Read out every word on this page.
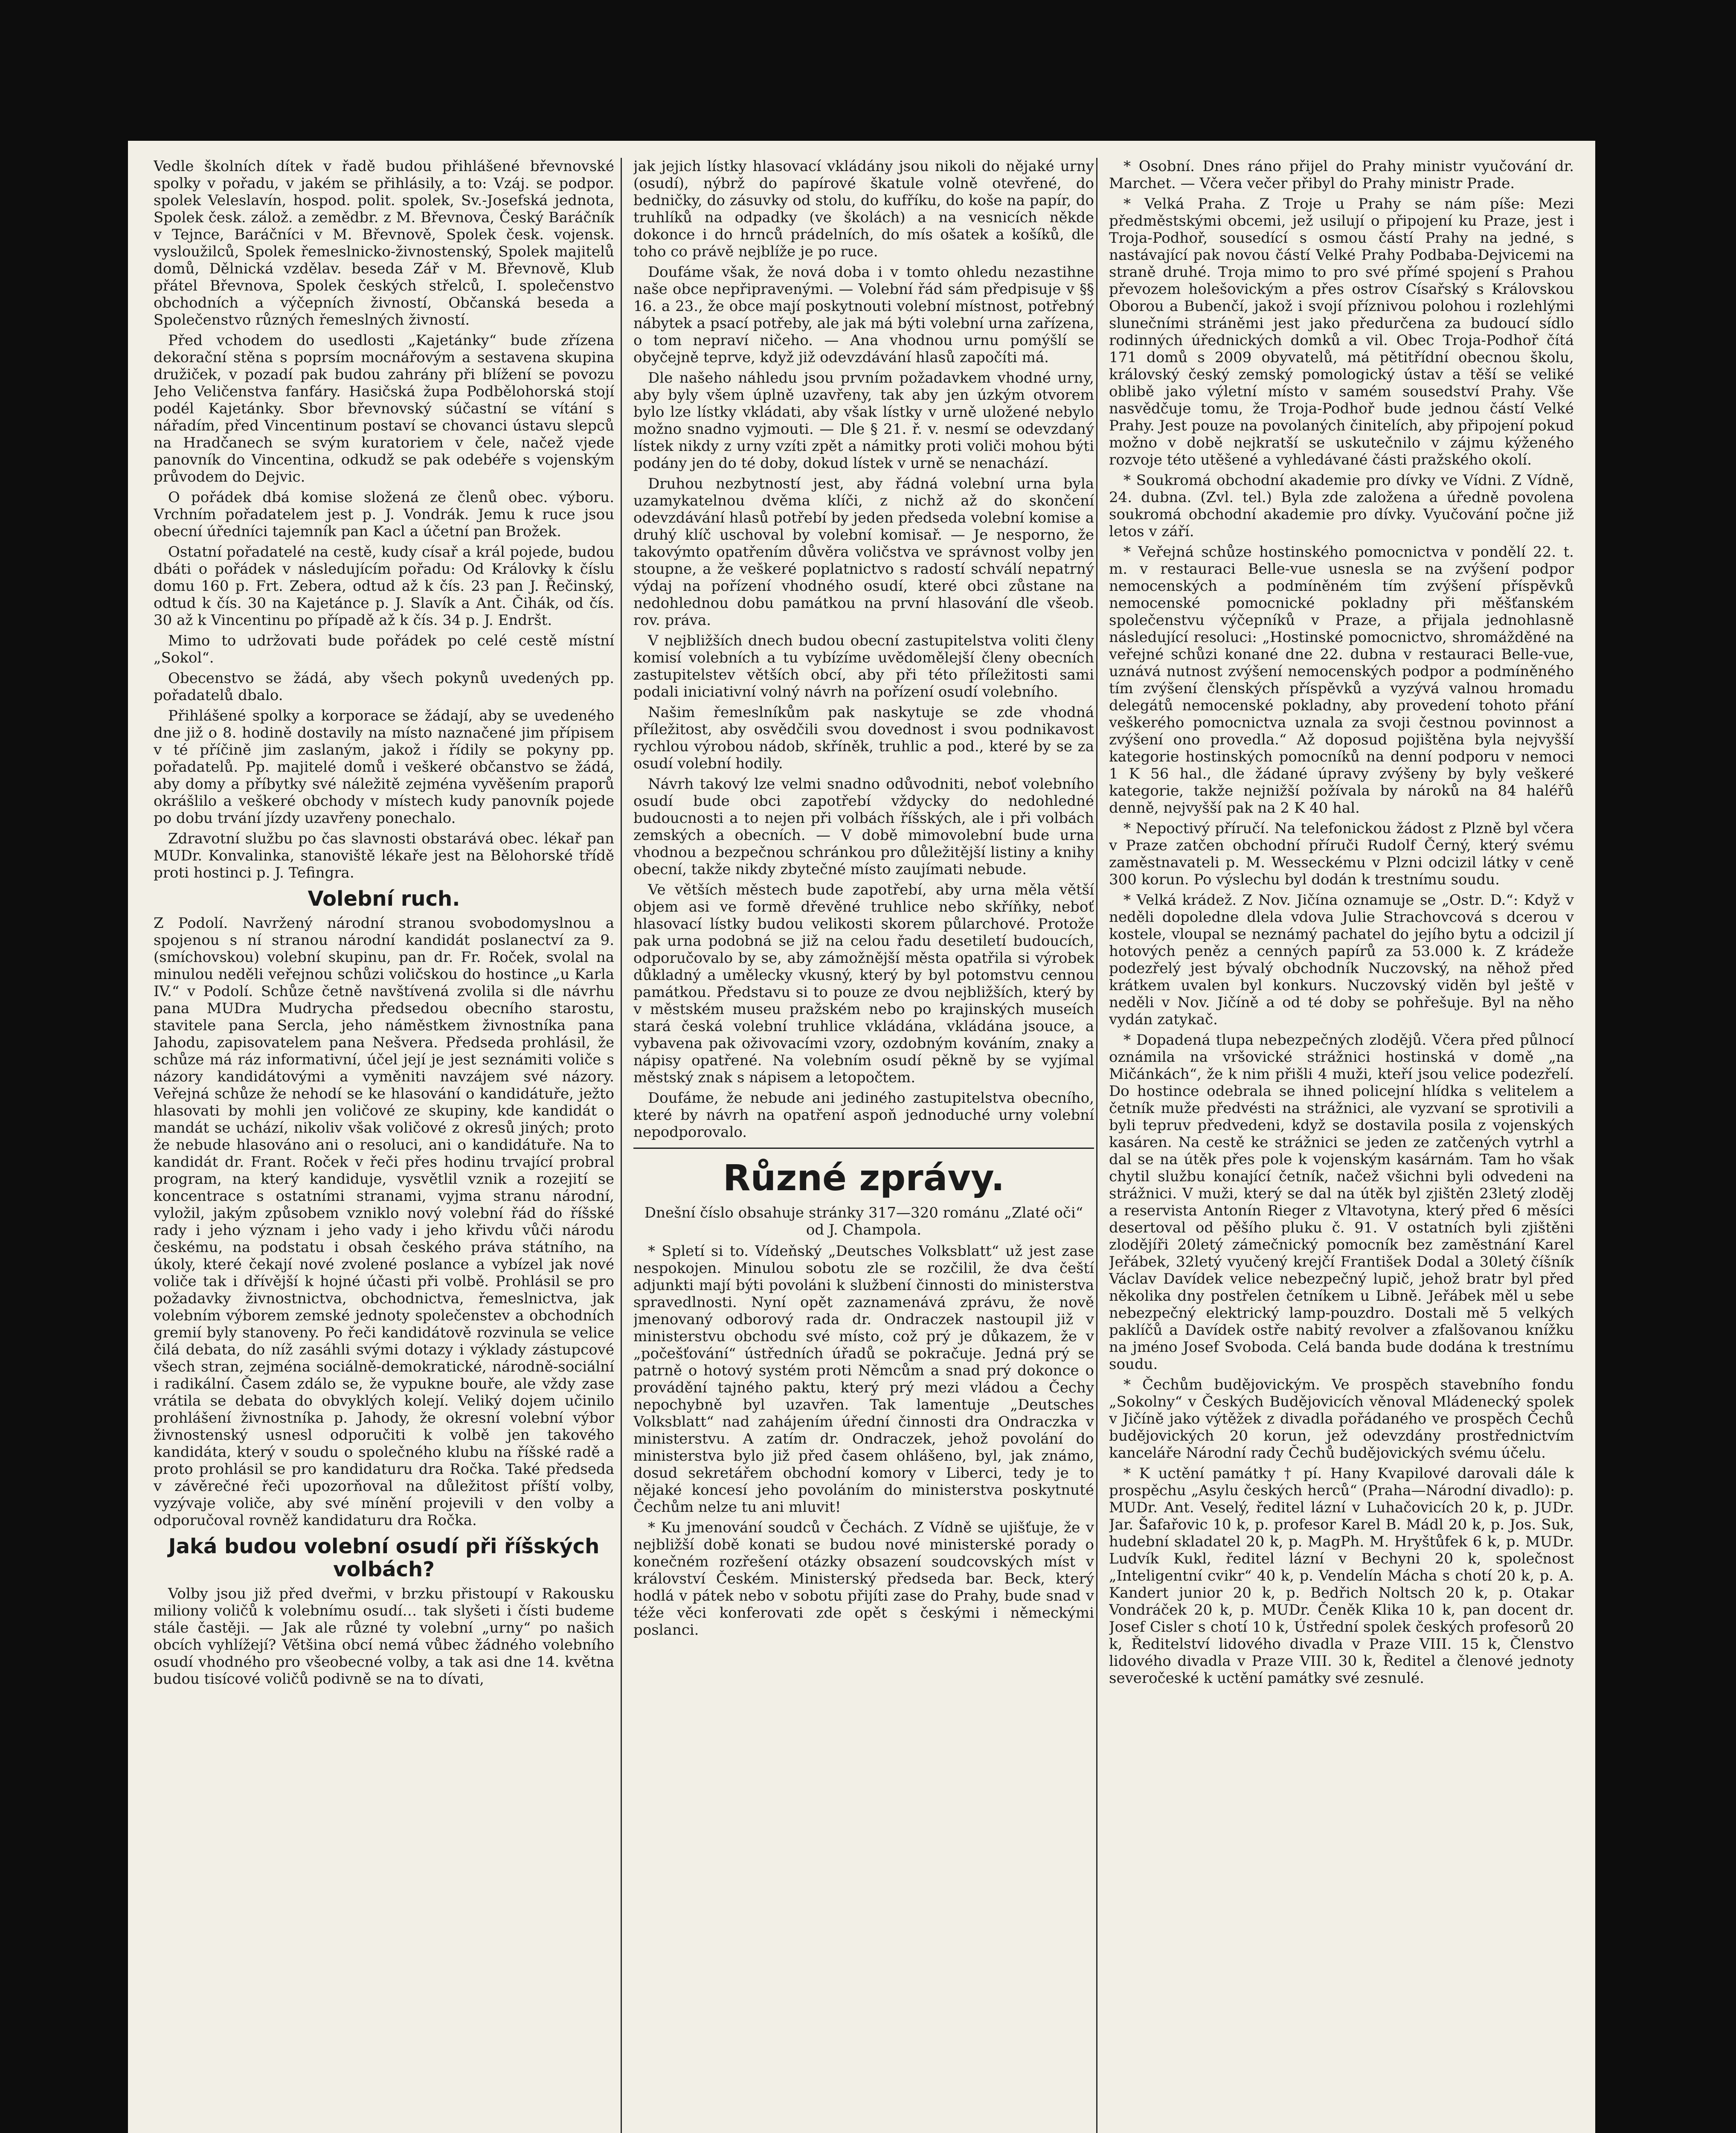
Vedle školních dítek v řadě budou přihlášené břevnovské spolky v pořadu, v jakém se přihlásily, a to: Vzáj. se podpor. spolek Veleslavín, hospod. polit. spolek, Sv.-Josefská jednota, Spolek česk. zálož. a zemědbr. z M. Břevnova, Český Baráčník v Tejnce, Baráčníci v M. Břevnově, Spolek česk. vojensk. vysloužilců, Spolek řemeslnicko-živnostenský, Spolek majitelů domů, Dělnická vzdělav. beseda Zář v M. Břevnově, Klub přátel Břevnova, Spolek českých střelců, I. společenstvo obchodních a výčepních živností, Občanská beseda a Společenstvo různých řemeslných živností.

Před vchodem do usedlosti „Kajetánky“ bude zřízena dekorační stěna s poprsím mocnářovým a sestavena skupina družiček, v pozadí pak budou zahrány při blížení se povozu Jeho Veličenstva fanfáry. Hasičská župa Podbělohorská stojí podél Kajetánky. Sbor břevnovský súčastní se vítání s nářadím, před Vincentinum postaví se chovanci ústavu slepců na Hradčanech se svým kuratoriem v čele, načež vjede panovník do Vincentina, odkudž se pak odebéře s vojenským průvodem do Dejvic.

O pořádek dbá komise složená ze členů obec. výboru. Vrchním pořadatelem jest p. J. Vondrák. Jemu k ruce jsou obecní úředníci tajemník pan Kacl a účetní pan Brožek.

Ostatní pořadatelé na cestě, kudy císař a král pojede, budou dbáti o pořádek v následujícím pořadu: Od Královky k číslu domu 160 p. Frt. Zebera, odtud až k čís. 23 pan J. Řečinský, odtud k čís. 30 na Kajetánce p. J. Slavík a Ant. Čihák, od čís. 30 až k Vincentinu po případě až k čís. 34 p. J. Endršt.

Mimo to udržovati bude pořádek po celé cestě místní „Sokol“.

Obecenstvo se žádá, aby všech pokynů uvedených pp. pořadatelů dbalo.

Přihlášené spolky a korporace se žádají, aby se uvedeného dne již o 8. hodině dostavily na místo naznačené jim přípisem v té příčině jim zaslaným, jakož i řídily se pokyny pp. pořadatelů. Pp. majitelé domů i veškeré občanstvo se žádá, aby domy a příbytky své náležitě zejména vyvěšením praporů okrášlilo a veškeré obchody v místech kudy panovník pojede po dobu trvání jízdy uzavřeny ponechalo.

Zdravotní službu po čas slavnosti obstarává obec. lékař pan MUDr. Konvalinka, stanoviště lékaře jest na Bělohorské třídě proti hostinci p. J. Tefingra.

Volební ruch.

Z Podolí. Navržený národní stranou svobodomyslnou a spojenou s ní stranou národní kandidát poslanectví za 9. (smíchovskou) volební skupinu, pan dr. Fr. Roček, svolal na minulou neděli veřejnou schůzi voličskou do hostince „u Karla IV.“ v Podolí. Schůze četně navštívená zvolila si dle návrhu pana MUDra Mudrycha předsedou obecního starostu, stavitele pana Sercla, jeho náměstkem živnostníka pana Jahodu, zapisovatelem pana Nešvera. Předseda prohlásil, že schůze má ráz informativní, účel její je jest seznámiti voliče s názory kandidátovými a vyměniti navzájem své názory. Veřejná schůze že nehodí se ke hlasování o kandidátuře, ježto hlasovati by mohli jen voličové ze skupiny, kde kandidát o mandát se uchází, nikoliv však voličové z okresů jiných; proto že nebude hlasováno ani o resoluci, ani o kandidátuře. Na to kandidát dr. Frant. Roček v řeči přes hodinu trvající probral program, na který kandiduje, vysvětlil vznik a rozejití se koncentrace s ostatními stranami, vyjma stranu národní, vyložil, jakým způsobem vzniklo nový volební řád do říšské rady i jeho význam i jeho vady i jeho křivdu vůči národu českému, na podstatu i obsah českého práva státního, na úkoly, které čekají nové zvolené poslance a vybízel jak nové voliče tak i dřívější k hojné účasti při volbě. Prohlásil se pro požadavky živnostnictva, obchodnictva, řemeslnictva, jak volebním výborem zemské jednoty společenstev a obchodních gremií byly stanoveny. Po řeči kandidátově rozvinula se velice čilá debata, do níž zasáhli svými dotazy i výklady zástupcové všech stran, zejména sociálně-demokratické, národně-sociální i radikální. Časem zdálo se, že vypukne bouře, ale vždy zase vrátila se debata do obvyklých kolejí. Veliký dojem učinilo prohlášení živnostníka p. Jahody, že okresní volební výbor živnostenský usnesl odporučiti k volbě jen takového kandidáta, který v soudu o společného klubu na říšské radě a proto prohlásil se pro kandidaturu dra Ročka. Také předseda v závěrečné řeči upozorňoval na důležitost příští volby, vyzývaje voliče, aby své mínění projevili v den volby a odporučoval rovněž kandidaturu dra Ročka.

Jaká budou volební osudí při říšských volbách?

Volby jsou již před dveřmi, v brzku přistoupí v Rakousku miliony voličů k volebnímu osudí… tak slyšeti i čísti budeme stále častěji. — Jak ale různé ty volební „urny“ po našich obcích vyhlížejí? Většina obcí nemá vůbec žádného volebního osudí vhodného pro všeobecné volby, a tak asi dne 14. května budou tisícové voličů podivně se na to dívati,

jak jejich lístky hlasovací vkládány jsou nikoli do nějaké urny (osudí), nýbrž do papírové škatule volně otevřené, do bedničky, do zásuvky od stolu, do kufříku, do koše na papír, do truhlíků na odpadky (ve školách) a na vesnicích někde dokonce i do hrnců prádelních, do mís ošatek a košíků, dle toho co právě nejblíže je po ruce.

Doufáme však, že nová doba i v tomto ohledu nezastihne naše obce nepřipravenými. — Volební řád sám předpisuje v §§ 16. a 23., že obce mají poskytnouti volební místnost, potřebný nábytek a psací potřeby, ale jak má býti volební urna zařízena, o tom nepraví ničeho. — Ana vhodnou urnu pomýšlí se obyčejně teprve, když již odevzdávání hlasů započíti má.

Dle našeho náhledu jsou prvním požadavkem vhodné urny, aby byly všem úplně uzavřeny, tak aby jen úzkým otvorem bylo lze lístky vkládati, aby však lístky v urně uložené nebylo možno snadno vyjmouti. — Dle § 21. ř. v. nesmí se odevzdaný lístek nikdy z urny vzíti zpět a námitky proti voliči mohou býti podány jen do té doby, dokud lístek v urně se nenachází.

Druhou nezbytností jest, aby řádná volební urna byla uzamykatelnou dvěma klíči, z nichž až do skončení odevzdávání hlasů potřebí by jeden předseda volební komise a druhý klíč uschoval by volební komisař. — Je nesporno, že takovýmto opatřením důvěra voličstva ve správnost volby jen stoupne, a že veškeré poplatnictvo s radostí schválí nepatrný výdaj na pořízení vhodného osudí, které obci zůstane na nedohlednou dobu památkou na první hlasování dle všeob. rov. práva.

V nejbližších dnech budou obecní zastupitelstva voliti členy komisí volebních a tu vybízíme uvědomělejší členy obecních zastupitelstev větších obcí, aby při této příležitosti sami podali iniciativní volný návrh na pořízení osudí volebního.

Našim řemeslníkům pak naskytuje se zde vhodná příležitost, aby osvědčili svou dovednost i svou podnikavost rychlou výrobou nádob, skříněk, truhlic a pod., které by se za osudí volební hodily.

Návrh takový lze velmi snadno odůvodniti, neboť volebního osudí bude obci zapotřebí vždycky do nedohledné budoucnosti a to nejen při volbách říšských, ale i při volbách zemských a obecních. — V době mimovolební bude urna vhodnou a bezpečnou schránkou pro důležitější listiny a knihy obecní, takže nikdy zbytečné místo zaujímati nebude.

Ve větších městech bude zapotřebí, aby urna měla větší objem asi ve formě dřevěné truhlice nebo skříňky, neboť hlasovací lístky budou velikosti skorem půlarchové. Protože pak urna podobná se již na celou řadu desetiletí budoucích, odporučovalo by se, aby zámožnější města opatřila si výrobek důkladný a umělecky vkusný, který by byl potomstvu cennou památkou. Představu si to pouze ze dvou nejbližších, který by v městském museu pražském nebo po krajinských museích stará česká volební truhlice vkládána, vkládána jsouce, a vybavena pak oživovacími vzory, ozdobným kováním, znaky a nápisy opatřené. Na volebním osudí pěkně by se vyjímal městský znak s nápisem a letopočtem.

Doufáme, že nebude ani jediného zastupitelstva obecního, které by návrh na opatření aspoň jednoduché urny volební nepodporovalo.

Různé zprávy.

Dnešní číslo obsahuje stránky 317—320 románu „Zlaté oči“ od J. Champola.

* Spletí si to. Vídeňský „Deutsches Volksblatt“ už jest zase nespokojen. Minulou sobotu zle se rozčilil, že dva čeští adjunkti mají býti povoláni k službení činnosti do ministerstva spravedlnosti. Nyní opět zaznamenává zprávu, že nově jmenovaný odborový rada dr. Ondraczek nastoupil již v ministerstvu obchodu své místo, což prý je důkazem, že v „počešťování“ ústředních úřadů se pokračuje. Jedná prý se patrně o hotový systém proti Němcům a snad prý dokonce o provádění tajného paktu, který prý mezi vládou a Čechy nepochybně byl uzavřen. Tak lamentuje „Deutsches Volksblatt“ nad zahájením úřední činnosti dra Ondraczka v ministerstvu. A zatím dr. Ondraczek, jehož povolání do ministerstva bylo již před časem ohlášeno, byl, jak známo, dosud sekretářem obchodní komory v Liberci, tedy je to nějaké koncesí jeho povoláním do ministerstva poskytnuté Čechům nelze tu ani mluvit!

* Ku jmenování soudců v Čechách. Z Vídně se ujišťuje, že v nejbližší době konati se budou nové ministerské porady o konečném rozřešení otázky obsazení soudcovských míst v království Českém. Ministerský předseda bar. Beck, který hodlá v pátek nebo v sobotu přijíti zase do Prahy, bude snad v téže věci konferovati zde opět s českými i německými poslanci.

* Osobní. Dnes ráno přijel do Prahy ministr vyučování dr. Marchet. — Včera večer přibyl do Prahy ministr Prade.

* Velká Praha. Z Troje u Prahy se nám píše: Mezi předměstskými obcemi, jež usilují o připojení ku Praze, jest i Troja-Podhoř, sousedící s osmou částí Prahy na jedné, s nastávající pak novou částí Velké Prahy Podbaba-Dejvicemi na straně druhé. Troja mimo to pro své přímé spojení s Prahou převozem holešovickým a přes ostrov Císařský s Královskou Oborou a Bubenčí, jakož i svojí příznivou polohou i rozlehlými slunečními stráněmi jest jako předurčena za budoucí sídlo rodinných úřednických domků a vil. Obec Troja-Podhoř čítá 171 domů s 2009 obyvatelů, má pětitřídní obecnou školu, královský český zemský pomologický ústav a těší se veliké oblibě jako výletní místo v samém sousedství Prahy. Vše nasvědčuje tomu, že Troja-Podhoř bude jednou částí Velké Prahy. Jest pouze na povolaných činitelích, aby připojení pokud možno v době nejkratší se uskutečnilo v zájmu kýženého rozvoje této utěšené a vyhledávané části pražského okolí.

* Soukromá obchodní akademie pro dívky ve Vídni. Z Vídně, 24. dubna. (Zvl. tel.) Byla zde založena a úředně povolena soukromá obchodní akademie pro dívky. Vyučování počne již letos v září.

* Veřejná schůze hostinského pomocnictva v pondělí 22. t. m. v restauraci Belle-vue usnesla se na zvýšení podpor nemocenských a podmíněném tím zvýšení příspěvků nemocenské pomocnické pokladny při měšťanském společenstvu výčepníků v Praze, a přijala jednohlasně následující resoluci: „Hostinské pomocnictvo, shromážděné na veřejné schůzi konané dne 22. dubna v restauraci Belle-vue, uznává nutnost zvýšení nemocenských podpor a podmíněného tím zvýšení členských příspěvků a vyzývá valnou hromadu delegátů nemocenské pokladny, aby provedení tohoto přání veškerého pomocnictva uznala za svoji čestnou povinnost a zvýšení ono provedla.“ Až doposud pojištěna byla nejvyšší kategorie hostinských pomocníků na denní podporu v nemoci 1 K 56 hal., dle žádané úpravy zvýšeny by byly veškeré kategorie, takže nejnižší požívala by nároků na 84 haléřů denně, nejvyšší pak na 2 K 40 hal.

* Nepoctivý příručí. Na telefonickou žádost z Plzně byl včera v Praze zatčen obchodní příruči Rudolf Černý, který svému zaměstnavateli p. M. Wesseckému v Plzni odcizil látky v ceně 300 korun. Po výslechu byl dodán k trestnímu soudu.

* Velká krádež. Z Nov. Jičína oznamuje se „Ostr. D.“: Když v neděli dopoledne dlela vdova Julie Strachovcová s dcerou v kostele, vloupal se neznámý pachatel do jejího bytu a odcizil jí hotových peněz a cenných papírů za 53.000 k. Z krádeže podezřelý jest bývalý obchodník Nuczovský, na něhož před krátkem uvalen byl konkurs. Nuczovský viděn byl ještě v neděli v Nov. Jičíně a od té doby se pohřešuje. Byl na něho vydán zatykač.

* Dopadená tlupa nebezpečných zlodějů. Včera před půlnocí oznámila na vršovické strážnici hostinská v domě „na Mičánkách“, že k nim přišli 4 muži, kteří jsou velice podezřelí. Do hostince odebrala se ihned policejní hlídka s velitelem a četník muže předvésti na strážnici, ale vyzvaní se sprotivili a byli tepruv předvedeni, když se dostavila posila z vojenských kasáren. Na cestě ke strážnici se jeden ze zatčených vytrhl a dal se na útěk přes pole k vojenským kasárnám. Tam ho však chytil službu konající četník, načež všichni byli odvedeni na strážnici. V muži, který se dal na útěk byl zjištěn 23letý zloděj a reservista Antonín Rieger z Vltavotyna, který před 6 měsíci desertoval od pěšího pluku č. 91. V ostatních byli zjištěni zlodějíři 20letý zámečnický pomocník bez zaměstnání Karel Jeřábek, 32letý vyučený krejčí František Dodal a 30letý číšník Václav Davídek velice nebezpečný lupič, jehož bratr byl před několika dny postřelen četníkem u Libně. Jeřábek měl u sebe nebezpečný elektrický lamp-pouzdro. Dostali mě 5 velkých paklíčů a Davídek ostře nabitý revolver a zfalšovanou knížku na jméno Josef Svoboda. Celá banda bude dodána k trestnímu soudu.

* Čechům budějovickým. Ve prospěch stavebního fondu „Sokolny“ v Českých Budějovicích věnoval Mládenecký spolek v Jičíně jako výtěžek z divadla pořádaného ve prospěch Čechů budějovických 20 korun, jež odevzdány prostřednictvím kanceláře Národní rady Čechů budějovických svému účelu.

* K uctění památky † pí. Hany Kvapilové darovali dále k prospěchu „Asylu českých herců“ (Praha—Národní divadlo): p. MUDr. Ant. Veselý, ředitel lázní v Luhačovicích 20 k, p. JUDr. Jar. Šafařovic 10 k, p. profesor Karel B. Mádl 20 k, p. Jos. Suk, hudební skladatel 20 k, p. MagPh. M. Hryštůfek 6 k, p. MUDr. Ludvík Kukl, ředitel lázní v Bechyni 20 k, společnost „Inteligentní cvikr“ 40 k, p. Vendelín Mácha s chotí 20 k, p. A. Kandert junior 20 k, p. Bedřich Noltsch 20 k, p. Otakar Vondráček 20 k, p. MUDr. Čeněk Klika 10 k, pan docent dr. Josef Cisler s chotí 10 k, Ústřední spolek českých profesorů 20 k, Ředitelství lidového divadla v Praze VIII. 15 k, Členstvo lidového divadla v Praze VIII. 30 k, Ředitel a členové jednoty severočeské k uctění památky své zesnulé.
